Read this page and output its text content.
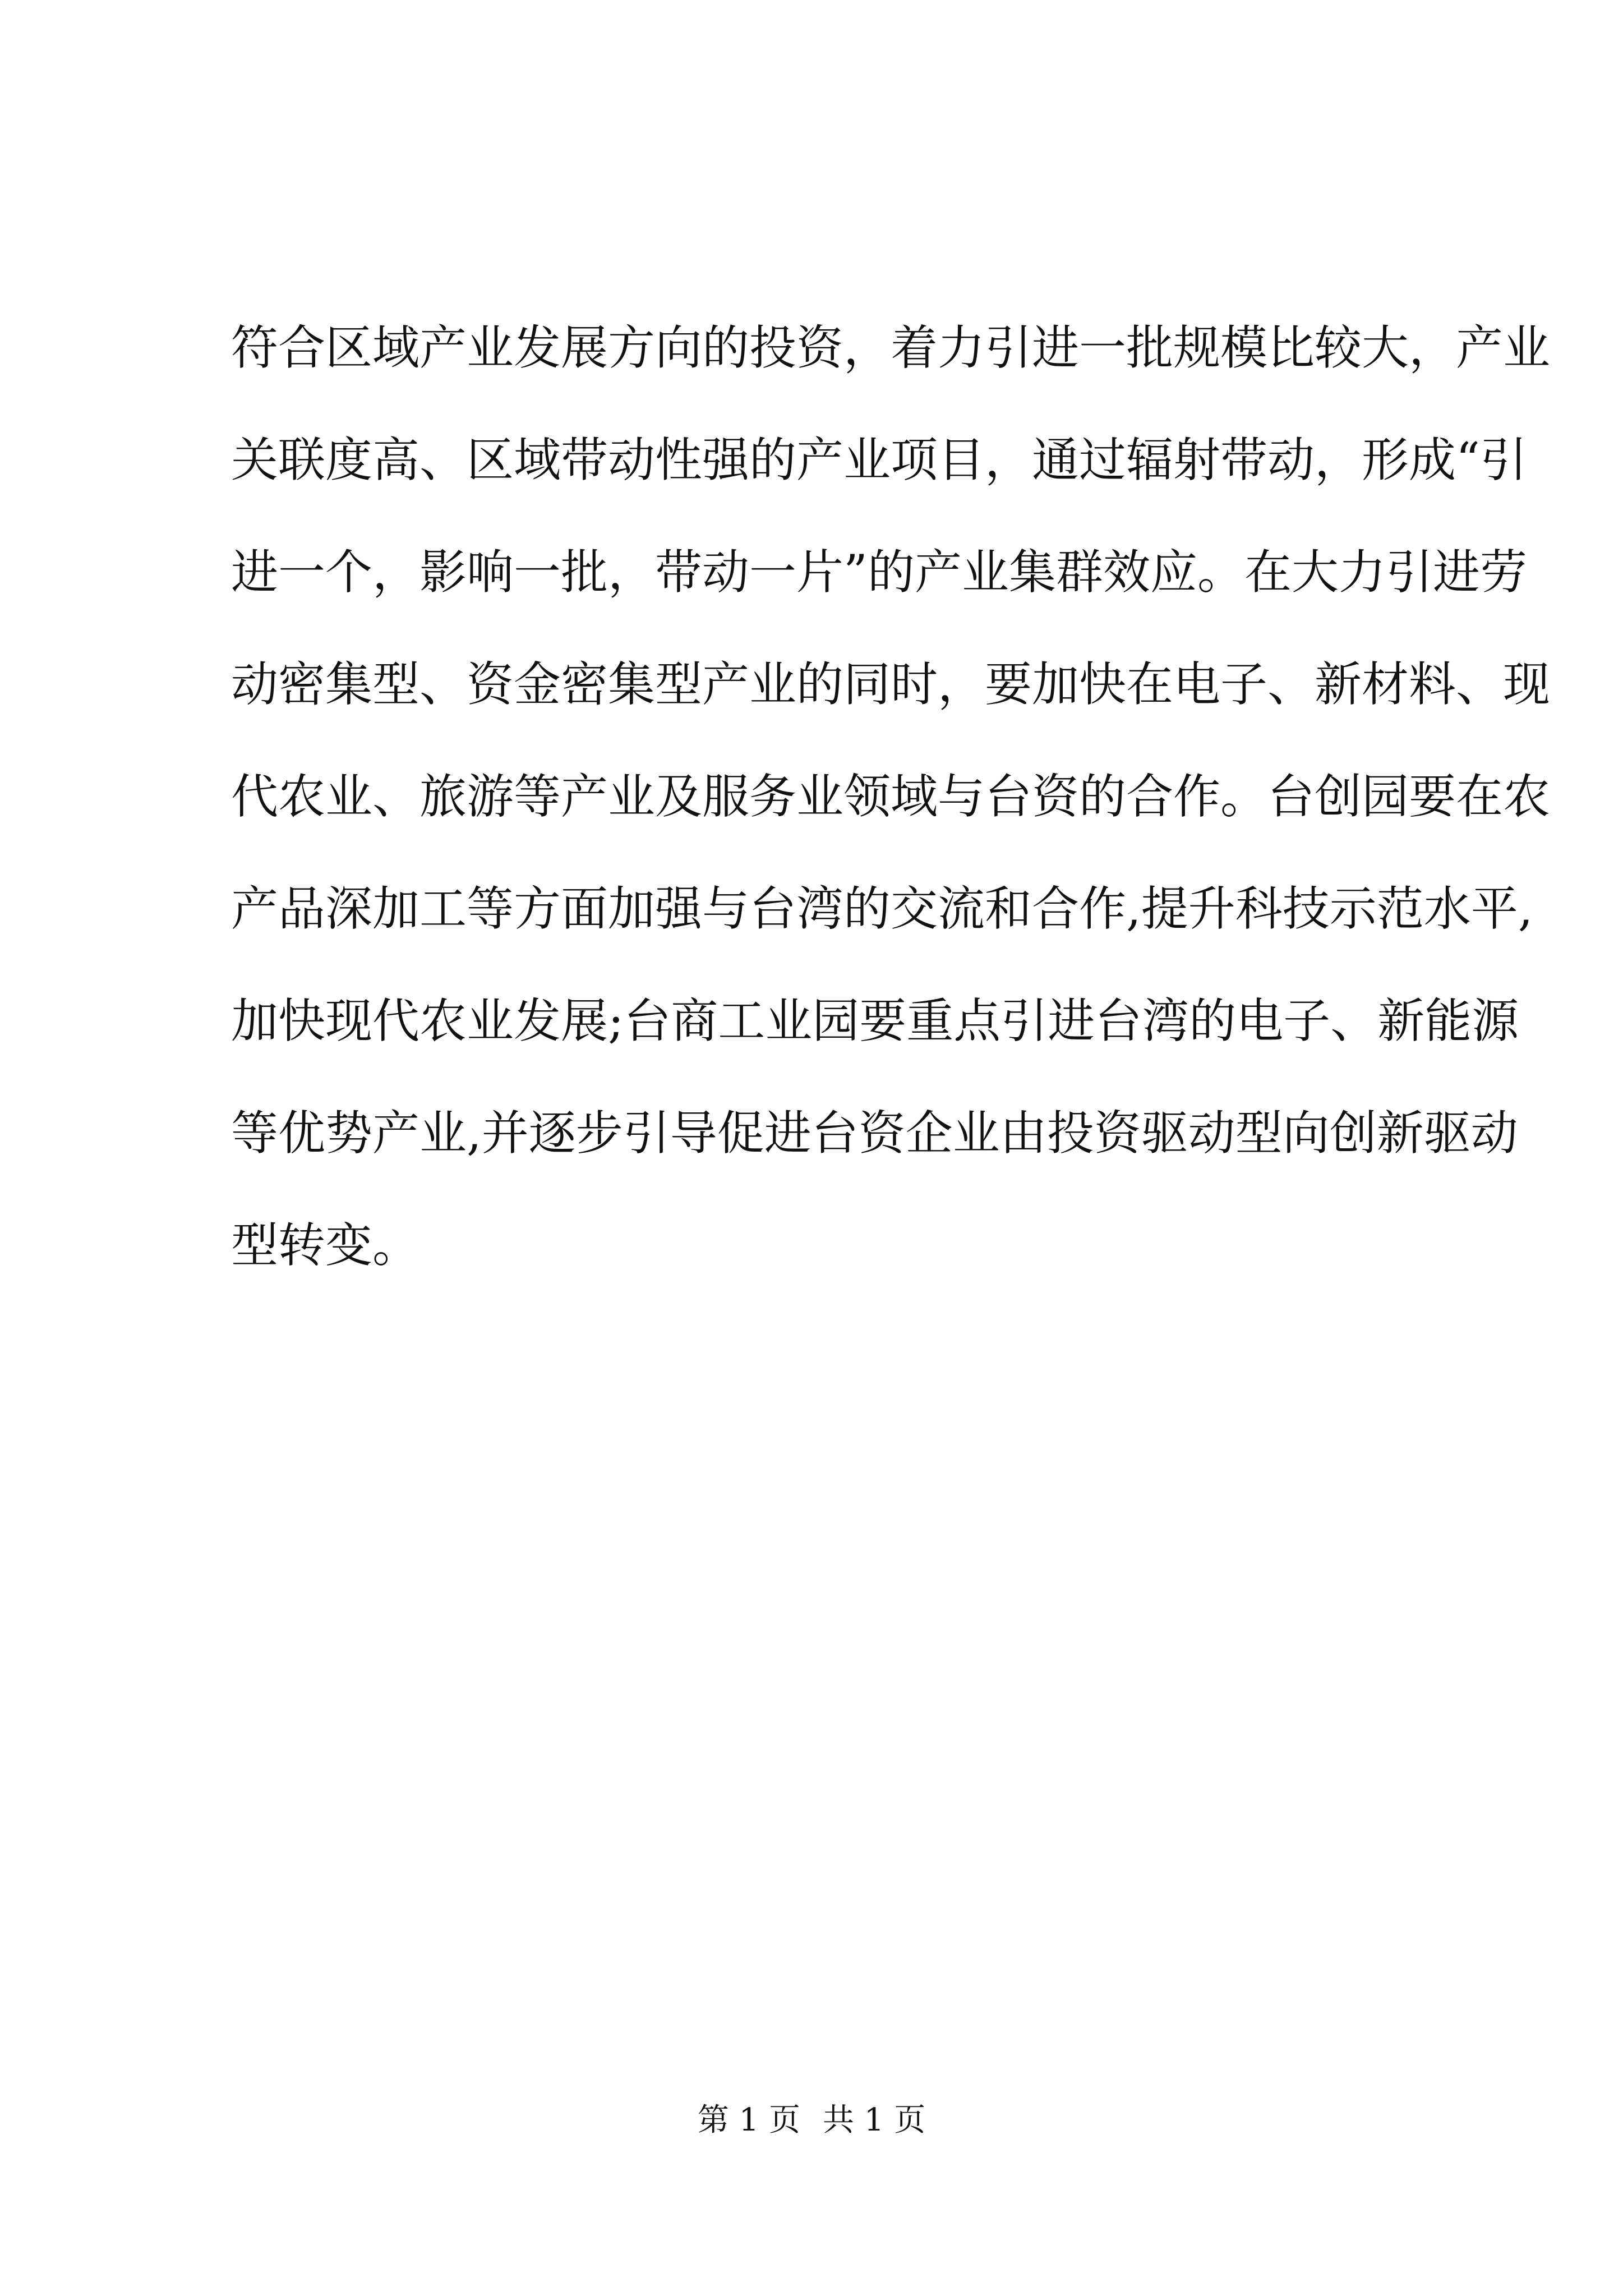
符合区域产业发展方向的投资，着力引进一批规模比较大，产业
关联度高、区域带动性强的产业项目，通过辐射带动，形成“引
进一个，影响一批，带动一片”的产业集群效应。在大力引进劳
动密集型、资金密集型产业的同时，要加快在电子、新材料、现
代农业、旅游等产业及服务业领域与台资的合作。台创园要在农
产品深加工等方面加强与台湾的交流和合作,提升科技示范水平,
加快现代农业发展;台商工业园要重点引进台湾的电子、新能源
等优势产业,并逐步引导促进台资企业由投资驱动型向创新驱动
型转变。
第 1 页 共 1 页
